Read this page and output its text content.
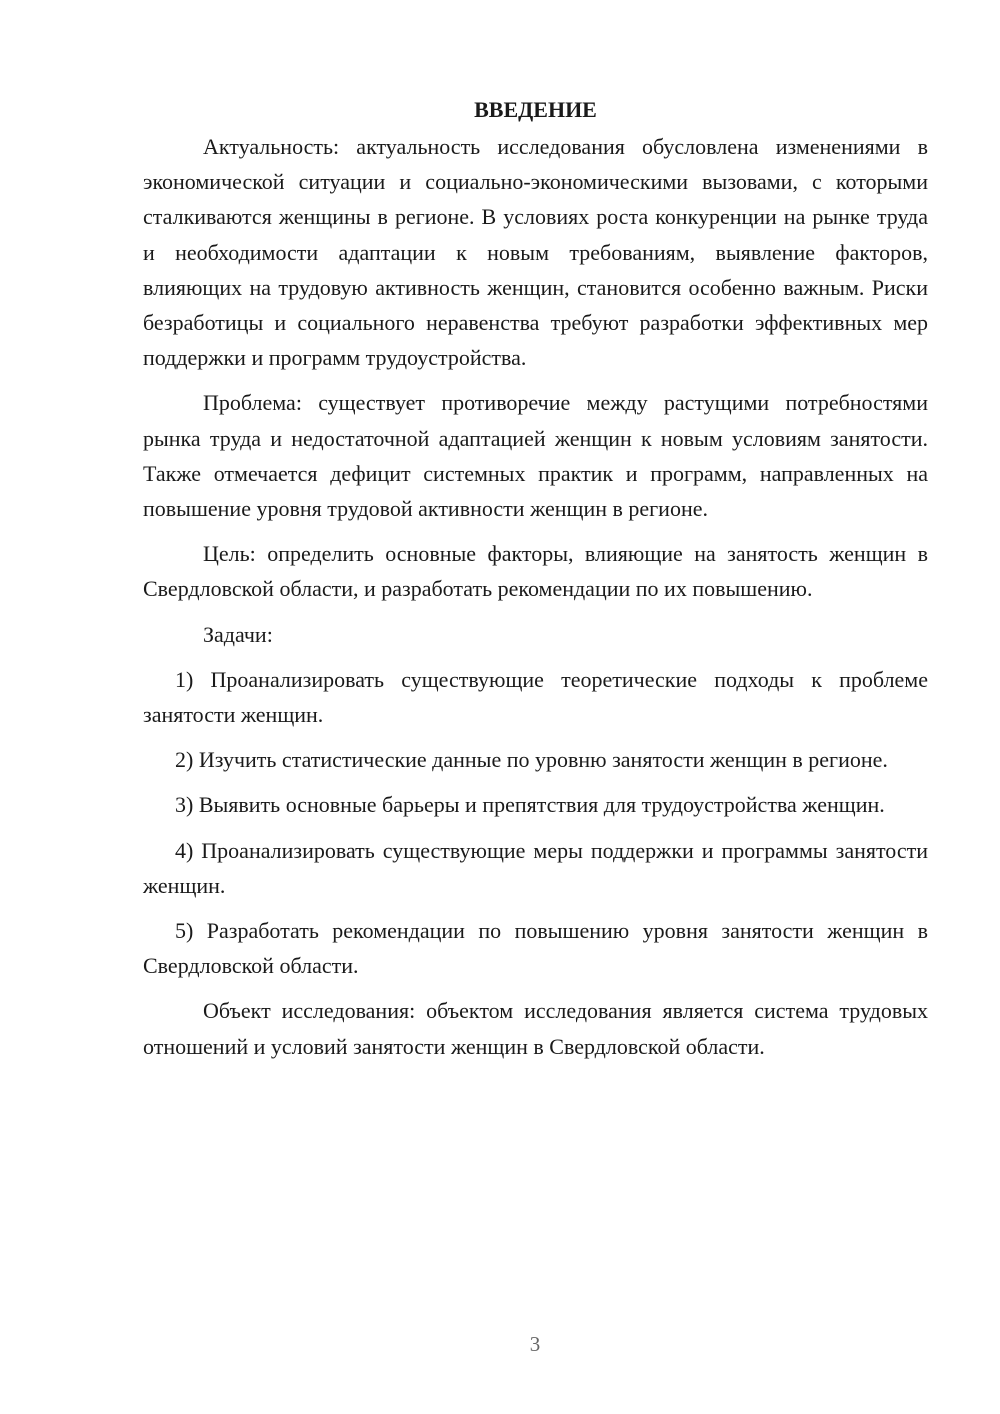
ВВЕДЕНИЕ

Актуальность: актуальность исследования обусловлена изменениями в экономической ситуации и социально-экономическими вызовами, с которыми сталкиваются женщины в регионе. В условиях роста конкуренции на рынке труда и необходимости адаптации к новым требованиям, выявление факторов, влияющих на трудовую активность женщин, становится особенно важным. Риски безработицы и социального неравенства требуют разработки эффективных мер поддержки и программ трудоустройства.

Проблема: существует противоречие между растущими потребностями рынка труда и недостаточной адаптацией женщин к новым условиям занятости. Также отмечается дефицит системных практик и программ, направленных на повышение уровня трудовой активности женщин в регионе.

Цель: определить основные факторы, влияющие на занятость женщин в Свердловской области, и разработать рекомендации по их повышению.

Задачи:

1) Проанализировать существующие теоретические подходы к проблеме занятости женщин.

2) Изучить статистические данные по уровню занятости женщин в регионе.

3) Выявить основные барьеры и препятствия для трудоустройства женщин.

4) Проанализировать существующие меры поддержки и программы занятости женщин.

5) Разработать рекомендации по повышению уровня занятости женщин в Свердловской области.

Объект исследования: объектом исследования является система трудовых отношений и условий занятости женщин в Свердловской области.

3
